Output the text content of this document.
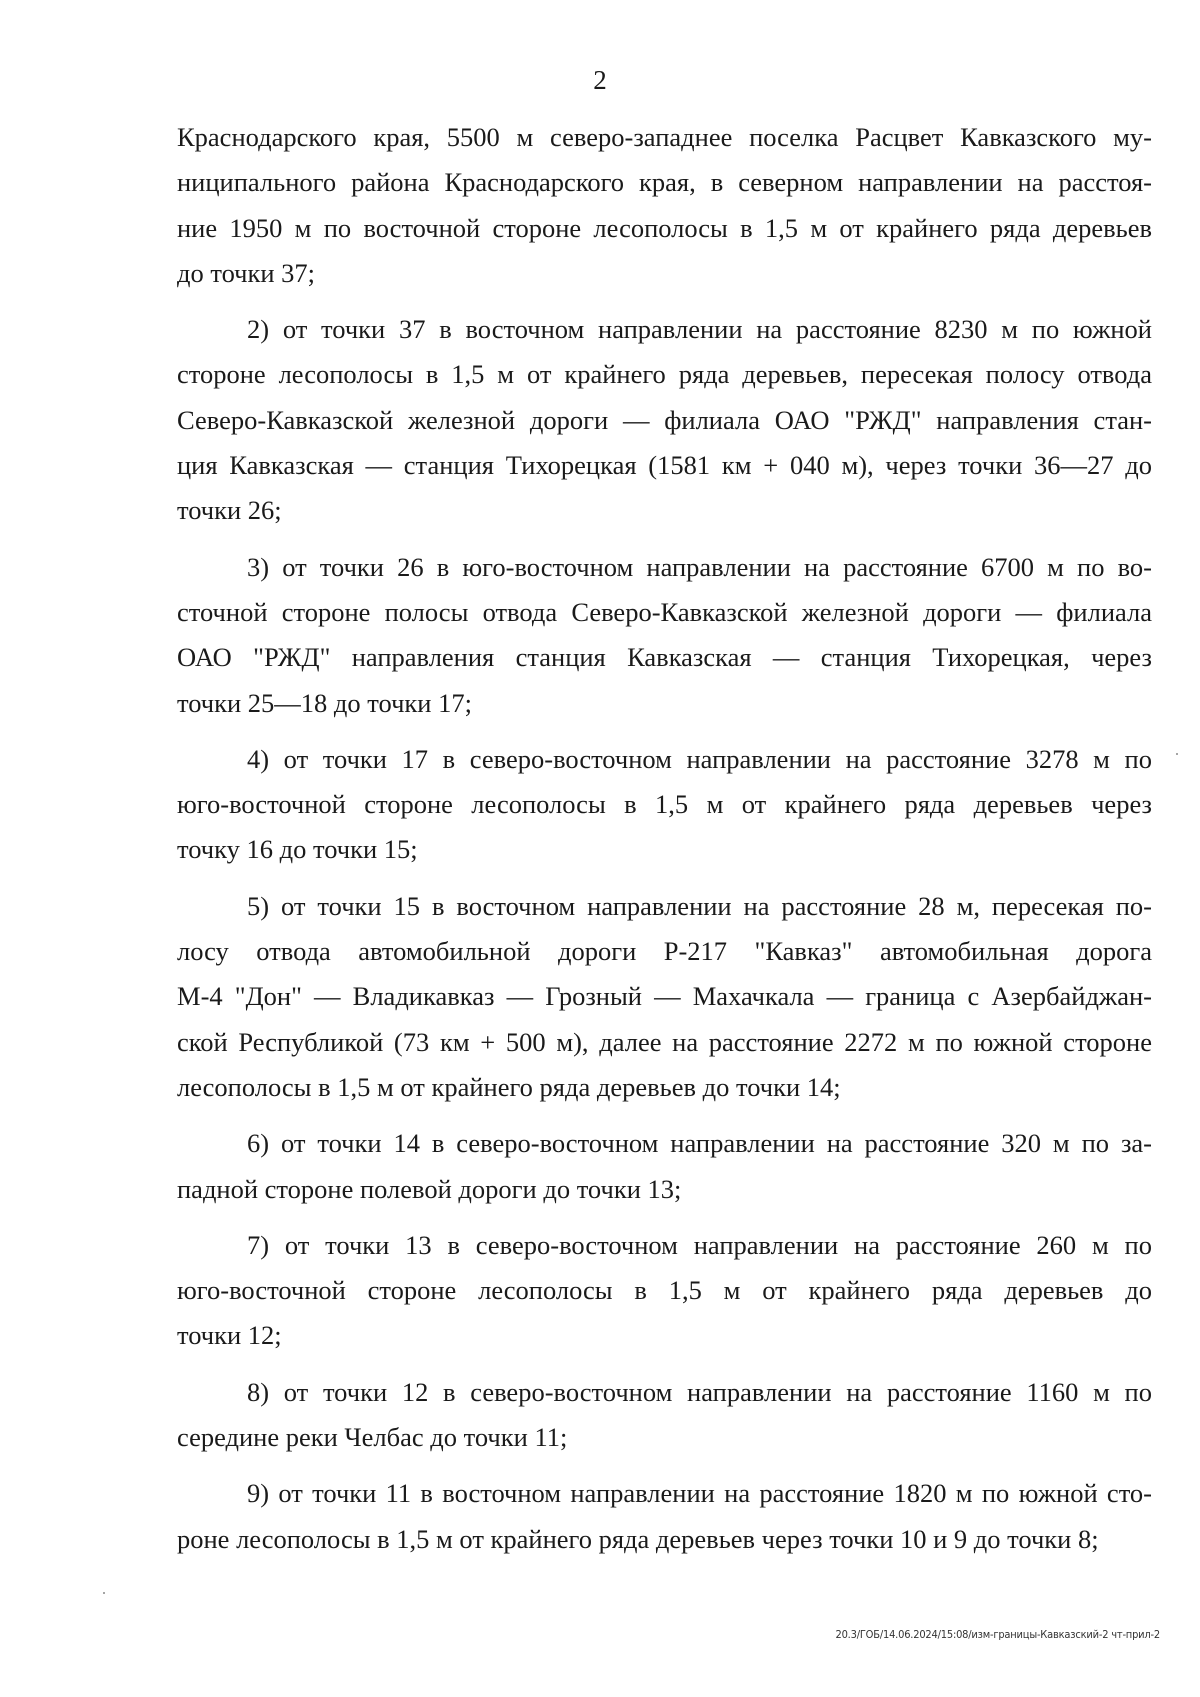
2
Краснодарского края, 5500 м северо-западнее поселка Расцвет Кавказского му-
ниципального района Краснодарского края, в северном направлении на расстоя-
ние 1950 м по восточной стороне лесополосы в 1,5 м от крайнего ряда деревьев
до точки 37;
2) от точки 37 в восточном направлении на расстояние 8230 м по южной
стороне лесополосы в 1,5 м от крайнего ряда деревьев, пересекая полосу отвода
Северо-Кавказской железной дороги — филиала ОАО "РЖД" направления стан-
ция Кавказская — станция Тихорецкая (1581 км + 040 м), через точки 36—27 до
точки 26;
3) от точки 26 в юго-восточном направлении на расстояние 6700 м по во-
сточной стороне полосы отвода Северо-Кавказской железной дороги — филиала
ОАО "РЖД" направления станция Кавказская — станция Тихорецкая, через
точки 25—18 до точки 17;
4) от точки 17 в северо-восточном направлении на расстояние 3278 м по
юго-восточной стороне лесополосы в 1,5 м от крайнего ряда деревьев через
точку 16 до точки 15;
5) от точки 15 в восточном направлении на расстояние 28 м, пересекая по-
лосу отвода автомобильной дороги Р-217 "Кавказ" автомобильная дорога
М-4 "Дон" — Владикавказ — Грозный — Махачкала — граница с Азербайджан-
ской Республикой (73 км + 500 м), далее на расстояние 2272 м по южной стороне
лесополосы в 1,5 м от крайнего ряда деревьев до точки 14;
6) от точки 14 в северо-восточном направлении на расстояние 320 м по за-
падной стороне полевой дороги до точки 13;
7) от точки 13 в северо-восточном направлении на расстояние 260 м по
юго-восточной стороне лесополосы в 1,5 м от крайнего ряда деревьев до
точки 12;
8) от точки 12 в северо-восточном направлении на расстояние 1160 м по
середине реки Челбас до точки 11;
9) от точки 11 в восточном направлении на расстояние 1820 м по южной сто-
роне лесополосы в 1,5 м от крайнего ряда деревьев через точки 10 и 9 до точки 8;
20.3/ГОБ/14.06.2024/15:08/изм-границы-Кавказский-2 чт-прил-2
